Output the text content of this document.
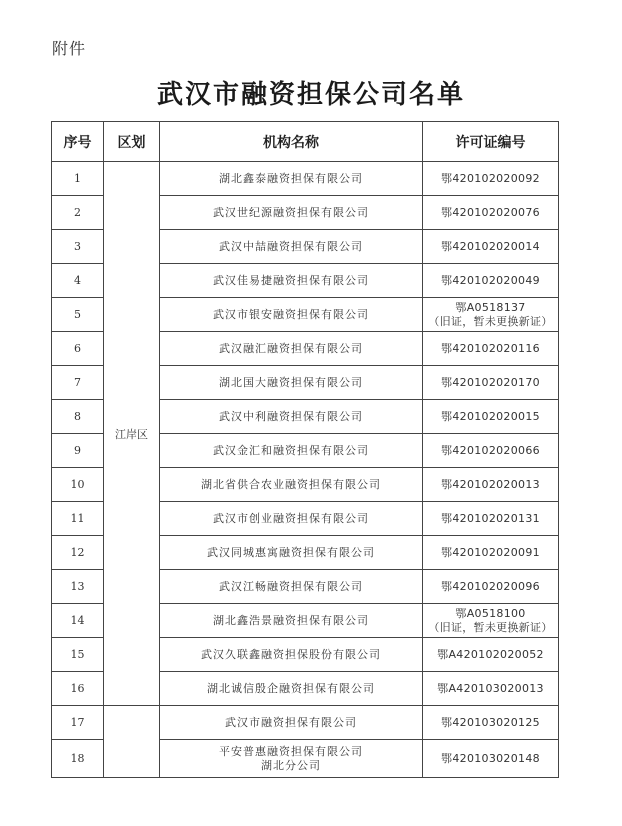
附件
武汉市融资担保公司名单
序号	区划	机构名称	许可证编号
1	江岸区	湖北鑫泰融资担保有限公司	鄂420102020092

2		武汉世纪源融资担保有限公司	鄂420102020076

3		武汉中喆融资担保有限公司	鄂420102020014

4		武汉佳易捷融资担保有限公司	鄂420102020049

5		武汉市银安融资担保有限公司	鄂A0518137
（旧证，暂未更换新证）

6		武汉融汇融资担保有限公司	鄂420102020116

7		湖北国大融资担保有限公司	鄂420102020170

8		武汉中利融资担保有限公司	鄂420102020015

9		武汉金汇和融资担保有限公司	鄂420102020066

10		湖北省供合农业融资担保有限公司	鄂420102020013

11		武汉市创业融资担保有限公司	鄂420102020131

12		武汉同城惠寓融资担保有限公司	鄂420102020091

13		武汉江畅融资担保有限公司	鄂420102020096

14		湖北鑫浩景融资担保有限公司	鄂A0518100
（旧证，暂未更换新证）

15		武汉久联鑫融资担保股份有限公司	鄂A420102020052

16		湖北诚信殷企融资担保有限公司	鄂A420103020013

17		武汉市融资担保有限公司	鄂420103020125

18		平安普惠融资担保有限公司
湖北分公司	鄂420103020148
